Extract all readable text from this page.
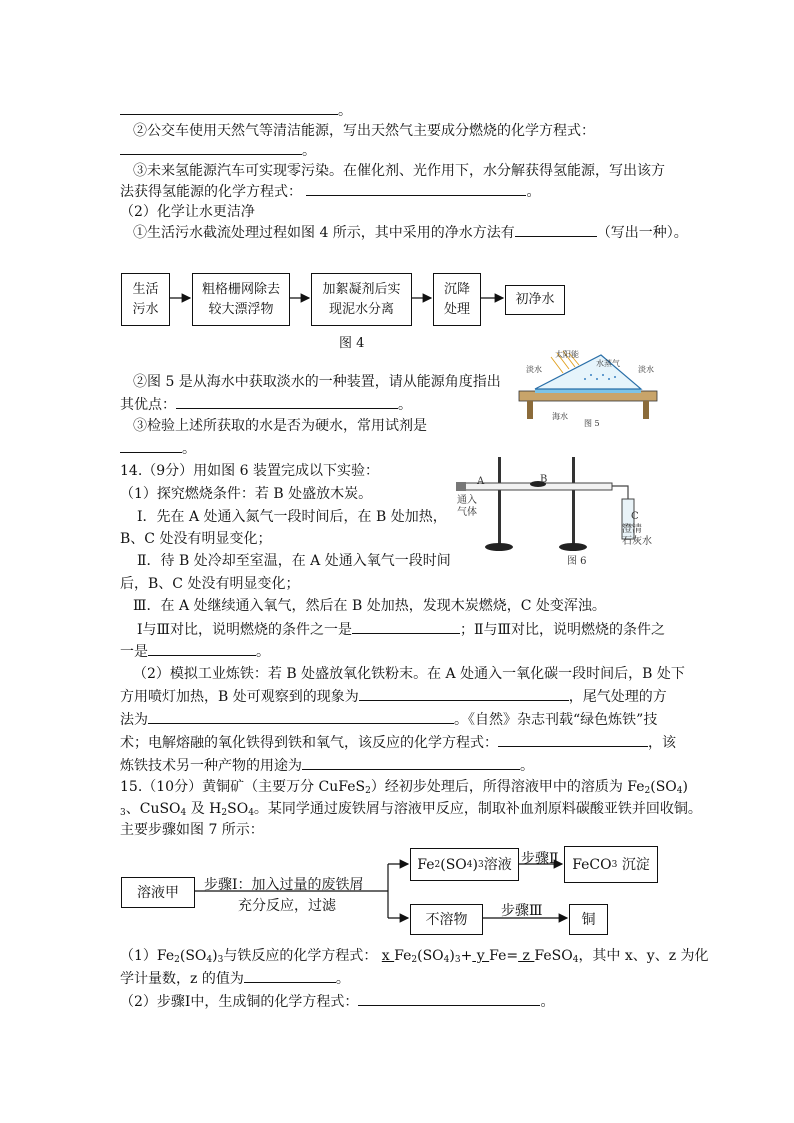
。
②公交车使用天然气等清洁能源，写出天然气主要成分燃烧的化学方程式：
。
③未来氢能源汽车可实现零污染。在催化剂、光作用下，水分解获得氢能源，写出该方
法获得氢能源的化学方程式：	。
（2）化学让水更洁净
①生活污水截流处理过程如图 4 所示，其中采用的净水方法有	（写出一种）。
生活
污水
粗格栅网除去
较大漂浮物
加絮凝剂后实
现泥水分离
沉降
处理
初净水
图 4
太阳能
淡水
水蒸气
淡水
海水
图 5
②图 5 是从海水中获取淡水的一种装置，请从能源角度指出
其优点：	。
③检验上述所获取的水是否为硬水，常用试剂是
。
14.（9分）用如图 6 装置完成以下实验：
（1）探究燃烧条件：若 B 处盛放木炭。
Ⅰ．先在 A 处通入氮气一段时间后，在 B 处加热，
B、C 处没有明显变化；
Ⅱ．待 B 处冷却至室温，在 A 处通入氧气一段时间
后，B、C 处没有明显变化；
Ⅲ．在 A 处继续通入氧气，然后在 B 处加热，发现木炭燃烧，C 处变浑浊。
Ⅰ与Ⅲ对比，说明燃烧的条件之一是	；Ⅱ与Ⅲ对比，说明燃烧的条件之
一是	。
（2）模拟工业炼铁：若 B 处盛放氧化铁粉末。在 A 处通入一氧化碳一段时间后，B 处下
方用喷灯加热，B 处可观察到的现象为	，尾气处理的方
法为	。《自然》杂志刊载“绿色炼铁”技
术；电解熔融的氧化铁得到铁和氧气，该反应的化学方程式：	，该
炼铁技术另一种产物的用途为	。
A	B
C
通入
气体
澄清
石灰水
图 6
15.（10分）黄铜矿（主要万分 CuFeS$_2$）经初步处理后，所得溶液甲中的溶质为 $Fe_2(SO_4)$
$_3$、CuSO$_4$ 及 $H_2SO_4$。某同学通过废铁屑与溶液甲反应，制取补血剂原料碳酸亚铁并回收铜。
主要步骤如图 7 所示：
溶液甲	步骤Ⅰ：加入过量的废铁屑
充分反应，过滤
Fe 2 (SO 4 ) 3 溶液 步骤Ⅱ FeCO 3
沉淀
不溶物
步骤Ⅲ
铜
$(1)Fe_2(SO_4)_3$与铁反应的化学方程式： x $Fe_2(SO_4)_3+ y$ Fe= z FeSO$_4$，其中 x、y、z 为化
学计量数，z 的值为	。
（2）步骤Ⅰ中，生成铜的化学方程式：	。
